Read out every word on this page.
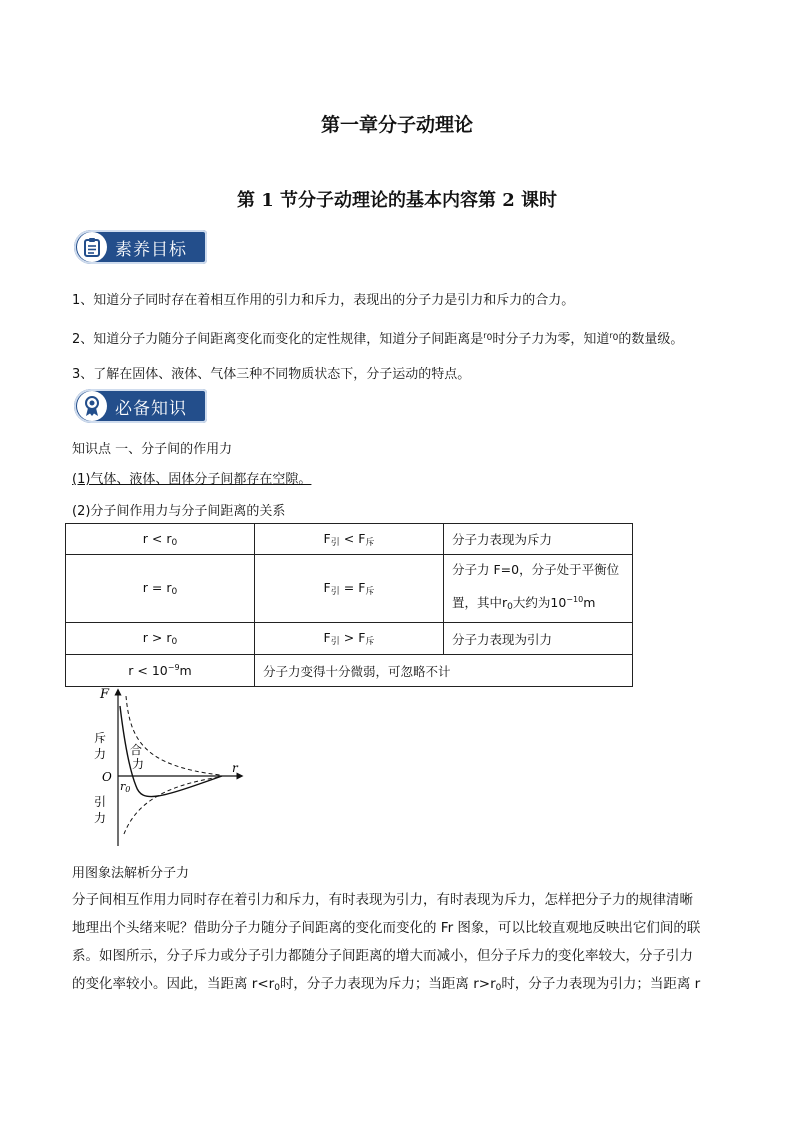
第一章分子动理论
第 1 节分子动理论的基本内容第 2 课时
素养目标
1、知道分子同时存在着相互作用的引力和斥力，表现出的分子力是引力和斥力的合力。
2、知道分子力随分子间距离变化而变化的定性规律，知道分子间距离是$^{r0}$时分子力为零，知道$^{r0}$的数量级。
3、了解在固体、液体、气体三种不同物质状态下，分子运动的特点。
必备知识
知识点 一、分子间的作用力
(1)气体、液体、固体分子间都存在空隙。
(2)分子间作用力与分子间距离的关系
$r < r_0$	$F_引 < F_斥$	分子力表现为斥力
$r = r_0$	$F_引 = F_斥$	分子力 F=0，分子处于平衡位
置，其中$r_0$大约为$10^{-10}m$
$r > r_0$	$F_引 > F_斥$	分子力表现为引力
$r < 10^{-9}m$	分子力变得十分微弱，可忽略不计	
F
r
O
r0
斥
力 合
力
引
力
用图象法解析分子力
分子间相互作用力同时存在着引力和斥力，有时表现为引力，有时表现为斥力，怎样把分子力的规律清晰
地理出个头绪来呢？借助分子力随分子间距离的变化而变化的 Fr 图象，可以比较直观地反映出它们间的联
系。如图所示，分子斥力或分子引力都随分子间距离的增大而减小，但分子斥力的变化率较大，分子引力
的变化率较小。因此，当距离 $r<r_0$时，分子力表现为斥力；当距离 $r>r_0$时，分子力表现为引力；当距离 r
